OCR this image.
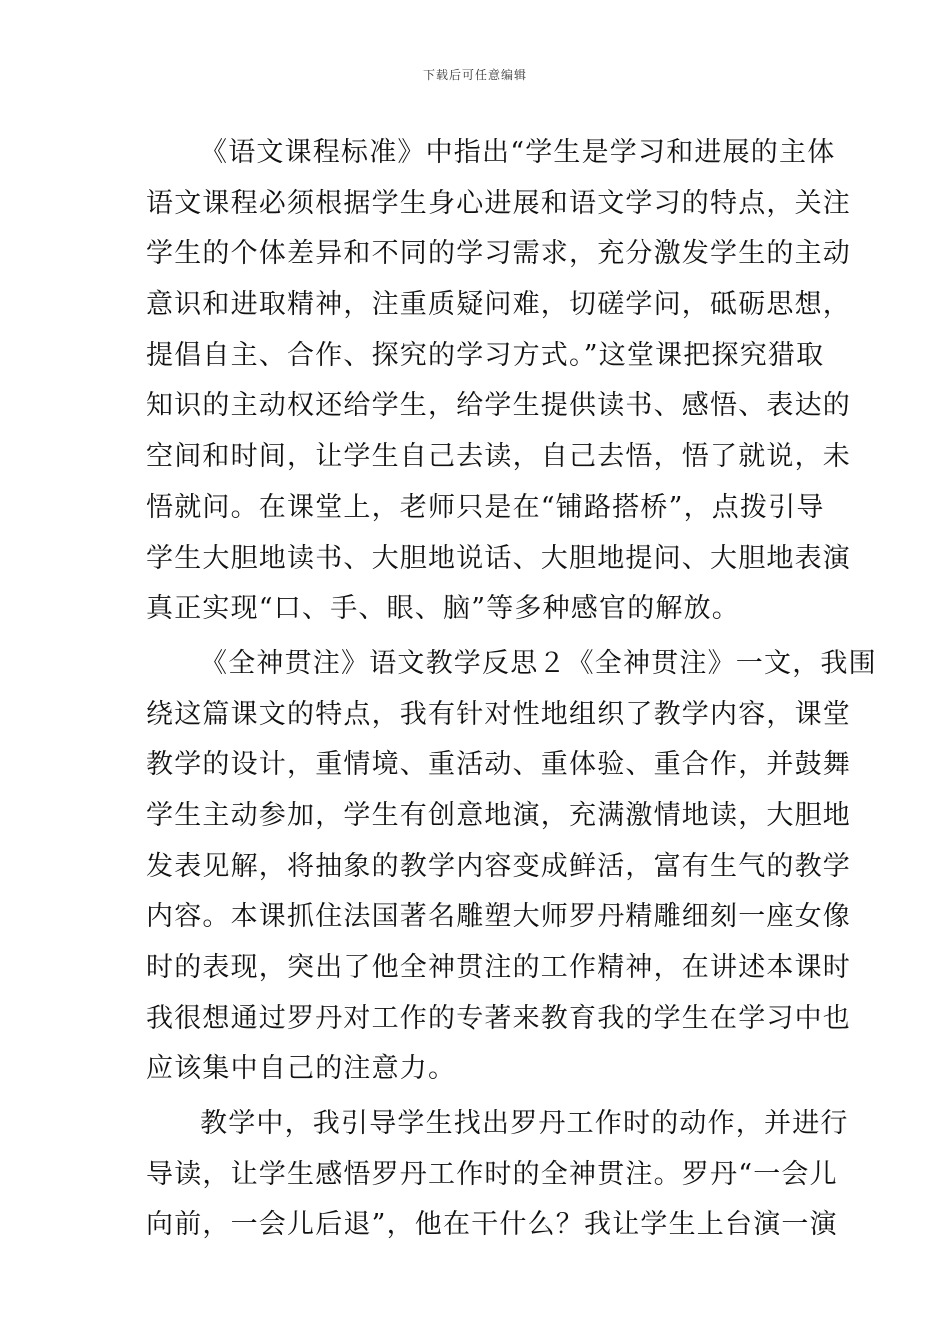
下载后可任意编辑
《语文课程标准》中指出“学生是学习和进展的主体
语文课程必须根据学生身心进展和语文学习的特点，关注
学生的个体差异和不同的学习需求，充分激发学生的主动
意识和进取精神，注重质疑问难，切磋学问，砥砺思想，
提倡自主、合作、探究的学习方式。”这堂课把探究猎取
知识的主动权还给学生，给学生提供读书、感悟、表达的
空间和时间，让学生自己去读，自己去悟，悟了就说，未
悟就问。在课堂上，老师只是在“铺路搭桥”，点拨引导
学生大胆地读书、大胆地说话、大胆地提问、大胆地表演
真正实现“口、手、眼、脑”等多种感官的解放。
《全神贯注》语文教学反思２《全神贯注》一文，我围
绕这篇课文的特点，我有针对性地组织了教学内容，课堂
教学的设计，重情境、重活动、重体验、重合作，并鼓舞
学生主动参加，学生有创意地演，充满激情地读，大胆地
发表见解，将抽象的教学内容变成鲜活，富有生气的教学
内容。本课抓住法国著名雕塑大师罗丹精雕细刻一座女像
时的表现，突出了他全神贯注的工作精神，在讲述本课时
我很想通过罗丹对工作的专著来教育我的学生在学习中也
应该集中自己的注意力。
教学中，我引导学生找出罗丹工作时的动作，并进行
导读，让学生感悟罗丹工作时的全神贯注。罗丹“一会儿
向前，一会儿后退”，他在干什么？我让学生上台演一演
